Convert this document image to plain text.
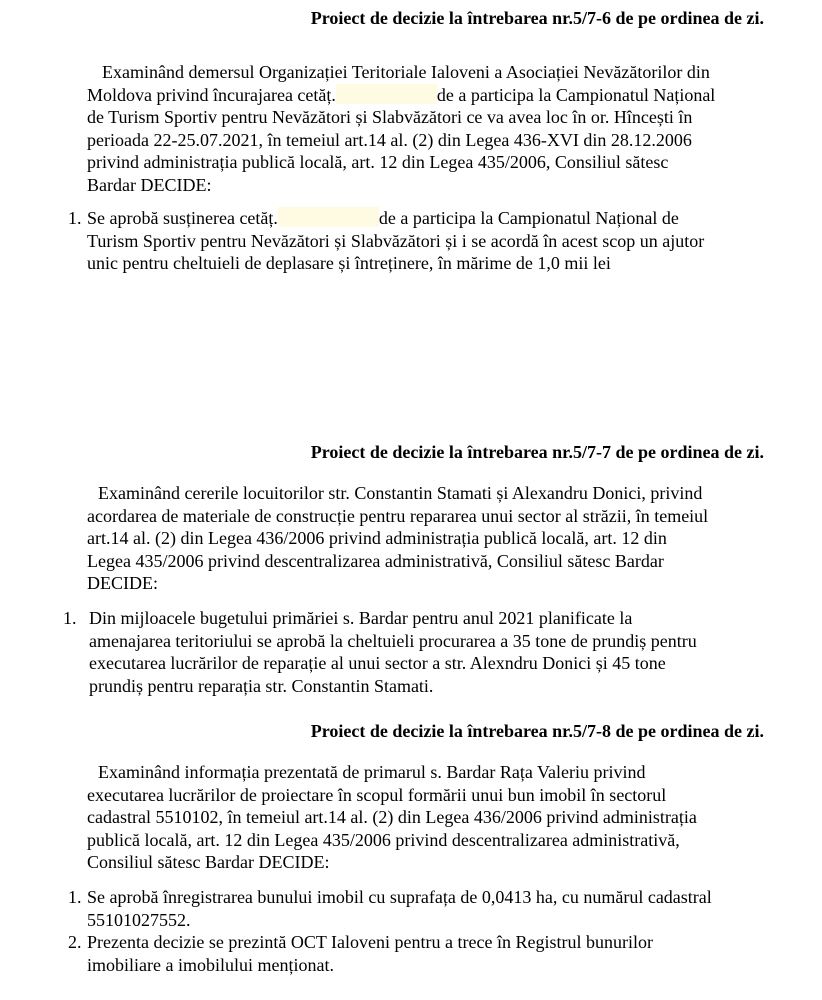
Proiect de decizie la întrebarea nr.5/7-6 de pe ordinea de zi.

Examinând demersul Organizației Teritoriale Ialoveni a Asociației Nevăzătorilor din
Moldova privind încurajarea cetăț.	de a participa la Campionatul Național
de Turism Sportiv pentru Nevăzători și Slabvăzători ce va avea loc în or. Hîncești în
perioada 22-25.07.2021, în temeiul art.14 al. (2) din Legea 436-XVI din 28.12.2006
privind administrația publică locală, art. 12 din Legea 435/2006, Consiliul sătesc
Bardar DECIDE:
1. Se aprobă susținerea cetăț.	de a participa la Campionatul Național de
Turism Sportiv pentru Nevăzători și Slabvăzători și i se acordă în acest scop un ajutor
unic pentru cheltuieli de deplasare și întreținere, în mărime de 1,0 mii lei

Proiect de decizie la întrebarea nr.5/7-7 de pe ordinea de zi.

Examinând cererile locuitorilor str. Constantin Stamati și Alexandru Donici, privind
acordarea de materiale de construcție pentru repararea unui sector al străzii, în temeiul
art.14 al. (2) din Legea 436/2006 privind administrația publică locală, art. 12 din
Legea 435/2006 privind descentralizarea administrativă, Consiliul sătesc Bardar
DECIDE:
1. Din mijloacele bugetului primăriei s. Bardar pentru anul 2021 planificate la
amenajarea teritoriului se aprobă la cheltuieli procurarea a 35 tone de prundiș pentru
executarea lucrărilor de reparație al unui sector a str. Alexndru Donici și 45 tone
prundiș pentru reparația str. Constantin Stamati.

Proiect de decizie la întrebarea nr.5/7-8 de pe ordinea de zi.

Examinând informația prezentată de primarul s. Bardar Rața Valeriu privind
executarea lucrărilor de proiectare în scopul formării unui bun imobil în sectorul
cadastral 5510102, în temeiul art.14 al. (2) din Legea 436/2006 privind administrația
publică locală, art. 12 din Legea 435/2006 privind descentralizarea administrativă,
Consiliul sătesc Bardar DECIDE:
1. Se aprobă înregistrarea bunului imobil cu suprafața de 0,0413 ha, cu numărul cadastral
55101027552.
2. Prezenta decizie se prezintă OCT Ialoveni pentru a trece în Registrul bunurilor
imobiliare a imobilului menționat.
